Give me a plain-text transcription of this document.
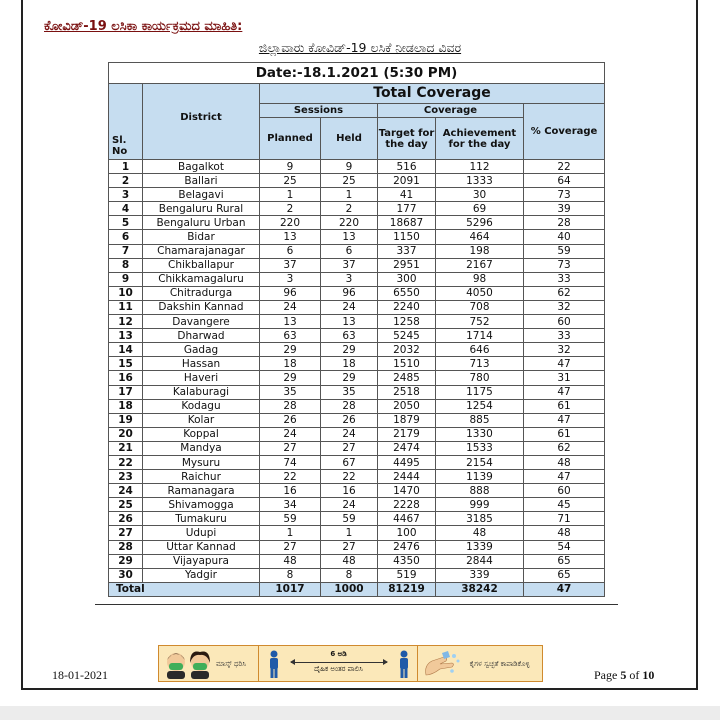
ಕೋವಿಡ್-19 ಲಸಿಕಾ ಕಾರ್ಯಕ್ರಮದ ಮಾಹಿತಿ:
ಜಿಲ್ಲಾವಾರು ಕೋವಿಡ್-19 ಲಸಿಕೆ ನೀಡಲಾದ ವಿವರ
Date:-18.1.2021 (5:30 PM)						
Sl. No	District	Total Coverage				
		Sessions		Coverage		% Coverage
		Planned	Held	Target for the day	Achievement for the day	
1	Bagalkot	9	9	516	112	22
2	Ballari	25	25	2091	1333	64
3	Belagavi	1	1	41	30	73
4	Bengaluru Rural	2	2	177	69	39
5	Bengaluru Urban	220	220	18687	5296	28
6	Bidar	13	13	1150	464	40
7	Chamarajanagar	6	6	337	198	59
8	Chikballapur	37	37	2951	2167	73
9	Chikkamagaluru	3	3	300	98	33
10	Chitradurga	96	96	6550	4050	62
11	Dakshin Kannad	24	24	2240	708	32
12	Davangere	13	13	1258	752	60
13	Dharwad	63	63	5245	1714	33
14	Gadag	29	29	2032	646	32
15	Hassan	18	18	1510	713	47
16	Haveri	29	29	2485	780	31
17	Kalaburagi	35	35	2518	1175	47
18	Kodagu	28	28	2050	1254	61
19	Kolar	26	26	1879	885	47
20	Koppal	24	24	2179	1330	61
21	Mandya	27	27	2474	1533	62
22	Mysuru	74	67	4495	2154	48
23	Raichur	22	22	2444	1139	47
24	Ramanagara	16	16	1470	888	60
25	Shivamogga	34	24	2228	999	45
26	Tumakuru	59	59	4467	3185	71
27	Udupi	1	1	100	48	48
28	Uttar Kannad	27	27	2476	1339	54
29	Vijayapura	48	48	4350	2844	65
30	Yadgir	8	8	519	339	65
Total		1017	1000	81219	38242	47
ಮಾಸ್ಕ್ ಧರಿಸಿ
6 ಅಡಿ
ದೈಹಿಕ ಅಂತರ ಪಾಲಿಸಿ
ಕೈಗಳ ಸ್ವಚ್ಛತೆ ಕಾಪಾಡಿಕೊಳ್ಳಿ
18-01-2021	Page 5 of 10
